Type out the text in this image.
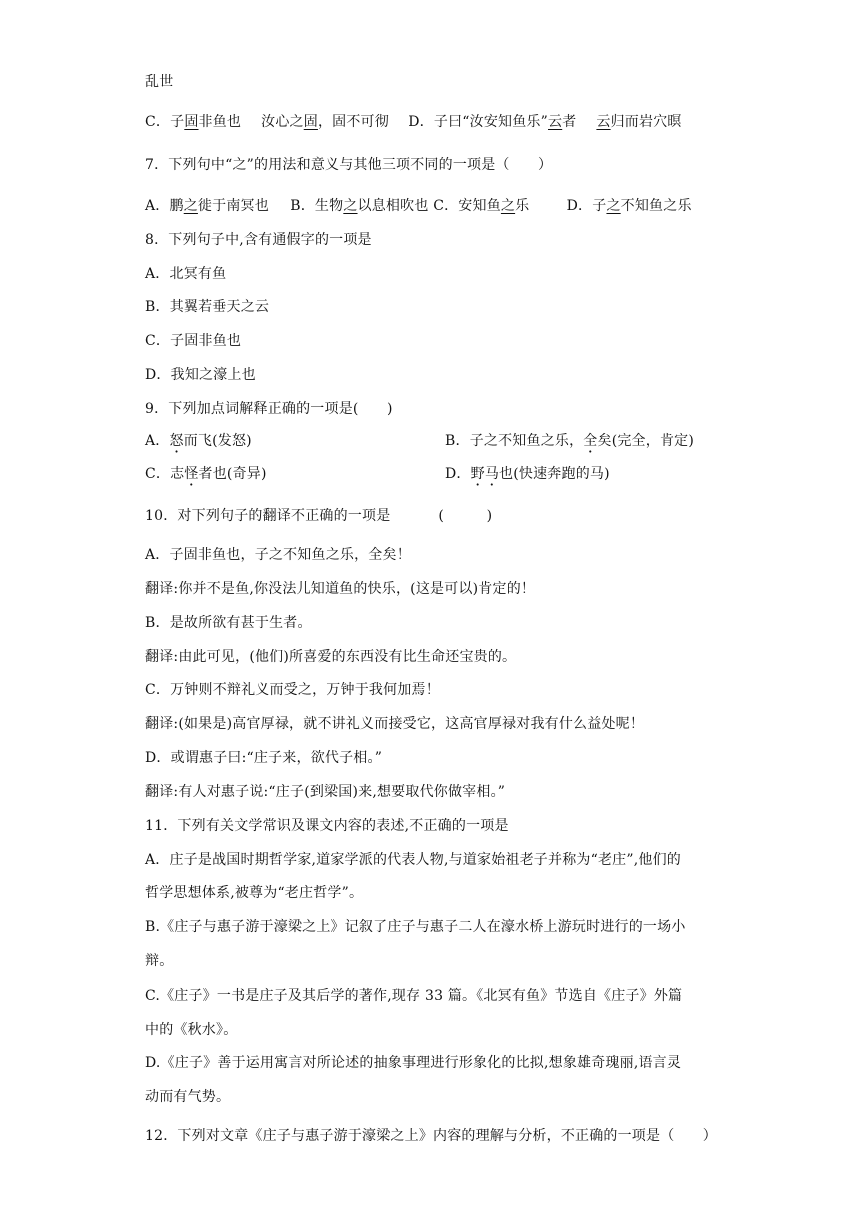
乱世
C．子固非鱼也 汝心之固，固不可彻 D．子曰“汝安知鱼乐”云者 云归而岩穴暝
7．下列句中“之”的用法和意义与其他三项不同的一项是（　　）
A．鹏之徙于南冥也 B．生物之以息相吹也 C．安知鱼之乐	D．子之不知鱼之乐
8．下列句子中,含有通假字的一项是
A．北冥有鱼
B．其翼若垂天之云
C．子固非鱼也
D．我知之濠上也
9．下列加点词解释正确的一项是(　　)
A．怒而飞(发怒)	B．子之不知鱼之乐，全矣(完全，肯定)
C．志怪者也(奇异)	D．野马也(快速奔跑的马)
10．对下列句子的翻译不正确的一项是	(　　　)
A．子固非鱼也，子之不知鱼之乐，全矣！
翻译:你并不是鱼,你没法儿知道鱼的快乐，(这是可以)肯定的！
B．是故所欲有甚于生者。
翻译:由此可见，(他们)所喜爱的东西没有比生命还宝贵的。
C．万钟则不辩礼义而受之，万钟于我何加焉！
翻译:(如果是)高官厚禄，就不讲礼义而接受它，这高官厚禄对我有什么益处呢！
D．或谓惠子曰:“庄子来，欲代子相。”
翻译:有人对惠子说:“庄子(到梁国)来,想要取代你做宰相。”
11．下列有关文学常识及课文内容的表述,不正确的一项是
A．庄子是战国时期哲学家,道家学派的代表人物,与道家始祖老子并称为“老庄”,他们的
哲学思想体系,被尊为“老庄哲学”。
B.《庄子与惠子游于濠梁之上》记叙了庄子与惠子二人在濠水桥上游玩时进行的一场小
辩。
C.《庄子》一书是庄子及其后学的著作,现存 33 篇。《北冥有鱼》节选自《庄子》外篇
中的《秋水》。
D.《庄子》善于运用寓言对所论述的抽象事理进行形象化的比拟,想象雄奇瑰丽,语言灵
动而有气势。
12．下列对文章《庄子与惠子游于濠梁之上》内容的理解与分析，不正确的一项是（　　）
